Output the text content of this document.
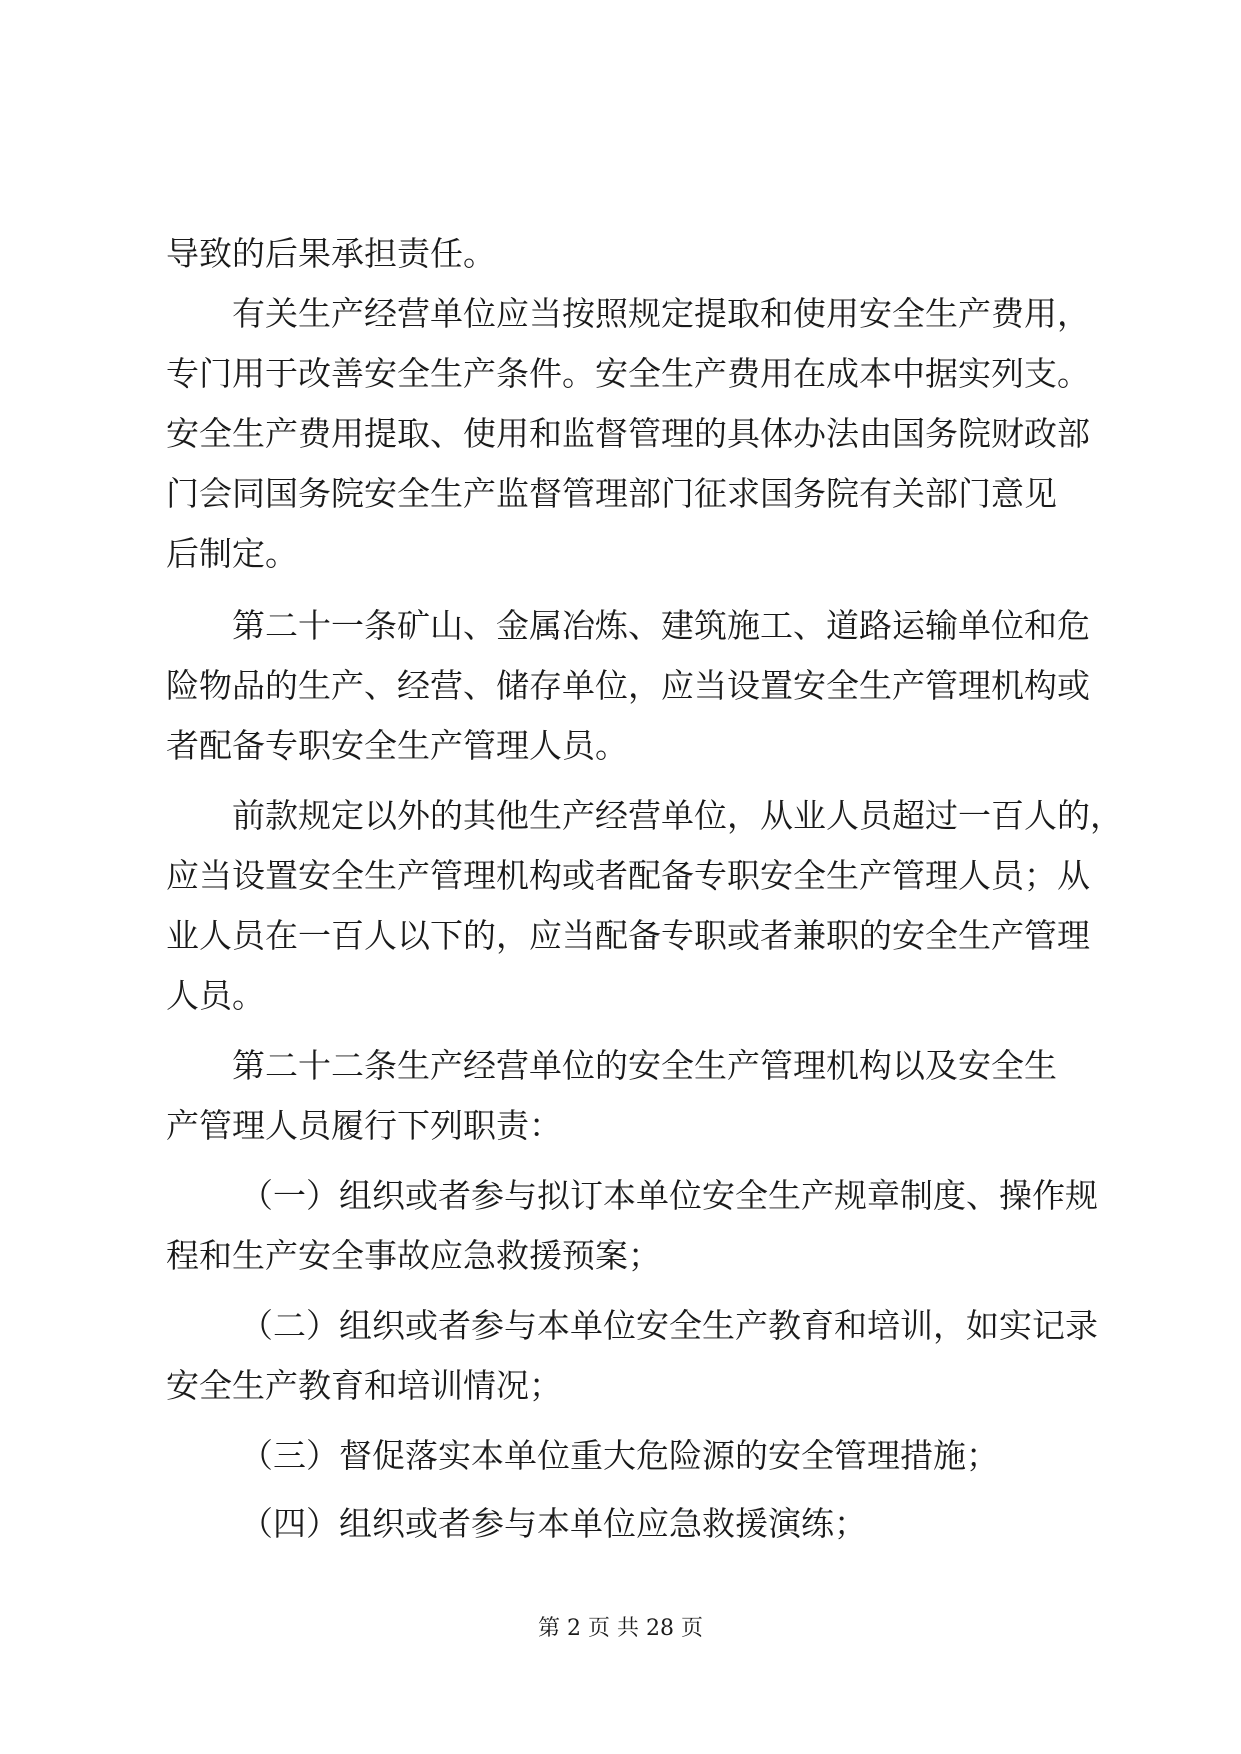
导致的后果承担责任。
有关生产经营单位应当按照规定提取和使用安全生产费用，
专门用于改善安全生产条件。安全生产费用在成本中据实列支。
安全生产费用提取、使用和监督管理的具体办法由国务院财政部
门会同国务院安全生产监督管理部门征求国务院有关部门意见
后制定。
第二十一条矿山、金属冶炼、建筑施工、道路运输单位和危
险物品的生产、经营、储存单位，应当设置安全生产管理机构或
者配备专职安全生产管理人员。
前款规定以外的其他生产经营单位，从业人员超过一百人的，
应当设置安全生产管理机构或者配备专职安全生产管理人员；从
业人员在一百人以下的，应当配备专职或者兼职的安全生产管理
人员。
第二十二条生产经营单位的安全生产管理机构以及安全生
产管理人员履行下列职责：
（一）组织或者参与拟订本单位安全生产规章制度、操作规
程和生产安全事故应急救援预案；
（二）组织或者参与本单位安全生产教育和培训，如实记录
安全生产教育和培训情况；
（三）督促落实本单位重大危险源的安全管理措施；
（四）组织或者参与本单位应急救援演练；
第 2 页 共 28 页
